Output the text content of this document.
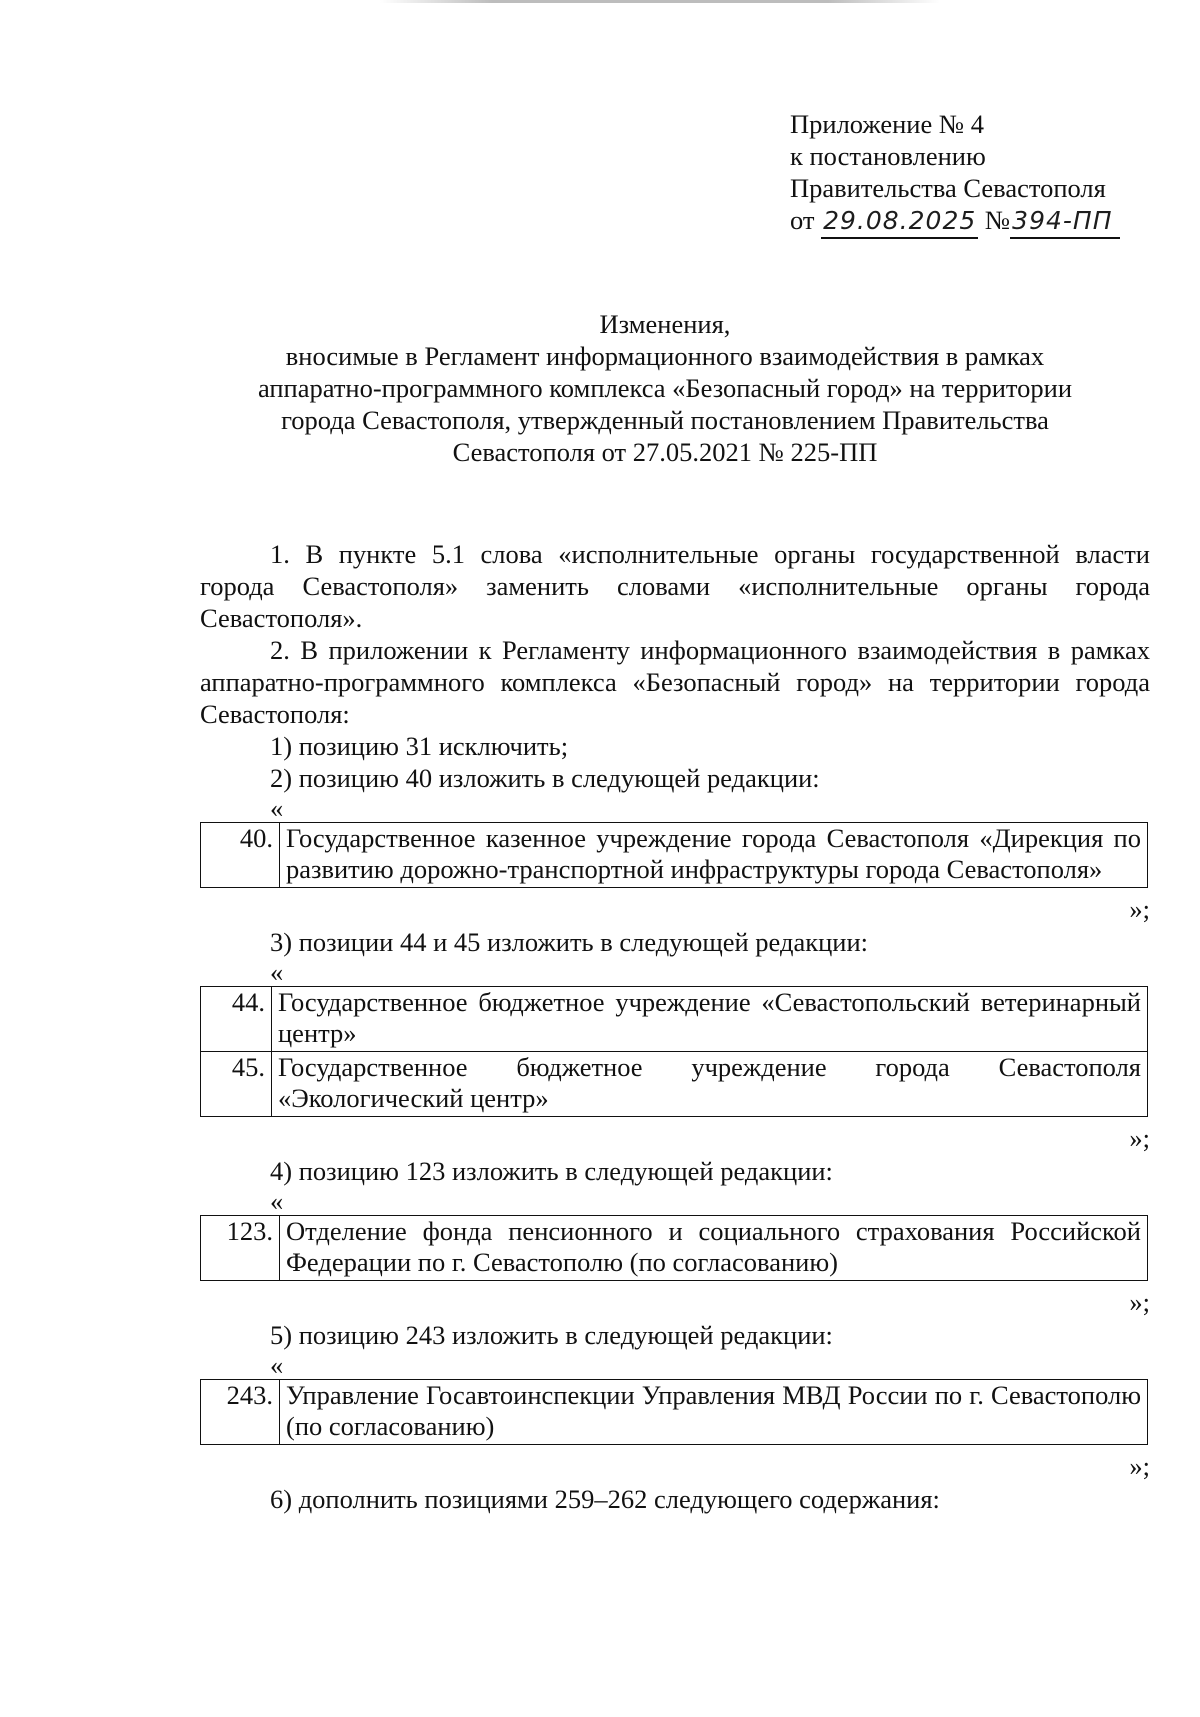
Приложение № 4

к постановлению

Правительства Севастополя

от 29.08.2025 №394-ПП

Изменения,

вносимые в Регламент информационного взаимодействия в рамках

аппаратно-программного комплекса «Безопасный город» на территории

города Севастополя, утвержденный постановлением Правительства

Севастополя от 27.05.2021 № 225-ПП

1. В пункте 5.1 слова «исполнительные органы государственной власти города Севастополя» заменить словами «исполнительные органы города Севастополя».

2. В приложении к Регламенту информационного взаимодействия в рамках аппаратно-программного комплекса «Безопасный город» на территории города Севастополя:

1) позицию 31 исключить;

2) позицию 40 изложить в следующей редакции:

«

40.	Государственное казенное учреждение города Севастополя «Дирекция по развитию дорожно-транспортной инфраструктуры города Севастополя»

»;

3) позиции 44 и 45 изложить в следующей редакции:

«

44.	Государственное бюджетное учреждение «Севастопольский ветеринарный центр»
45.	Государственное бюджетное учреждение города Севастополя «Экологический центр»

»;

4) позицию 123 изложить в следующей редакции:

«

123.	Отделение фонда пенсионного и социального страхования Российской Федерации по г. Севастополю (по согласованию)

»;

5) позицию 243 изложить в следующей редакции:

«

243.	Управление Госавтоинспекции Управления МВД России по г. Севастополю (по согласованию)

»;

6) дополнить позициями 259–262 следующего содержания:
